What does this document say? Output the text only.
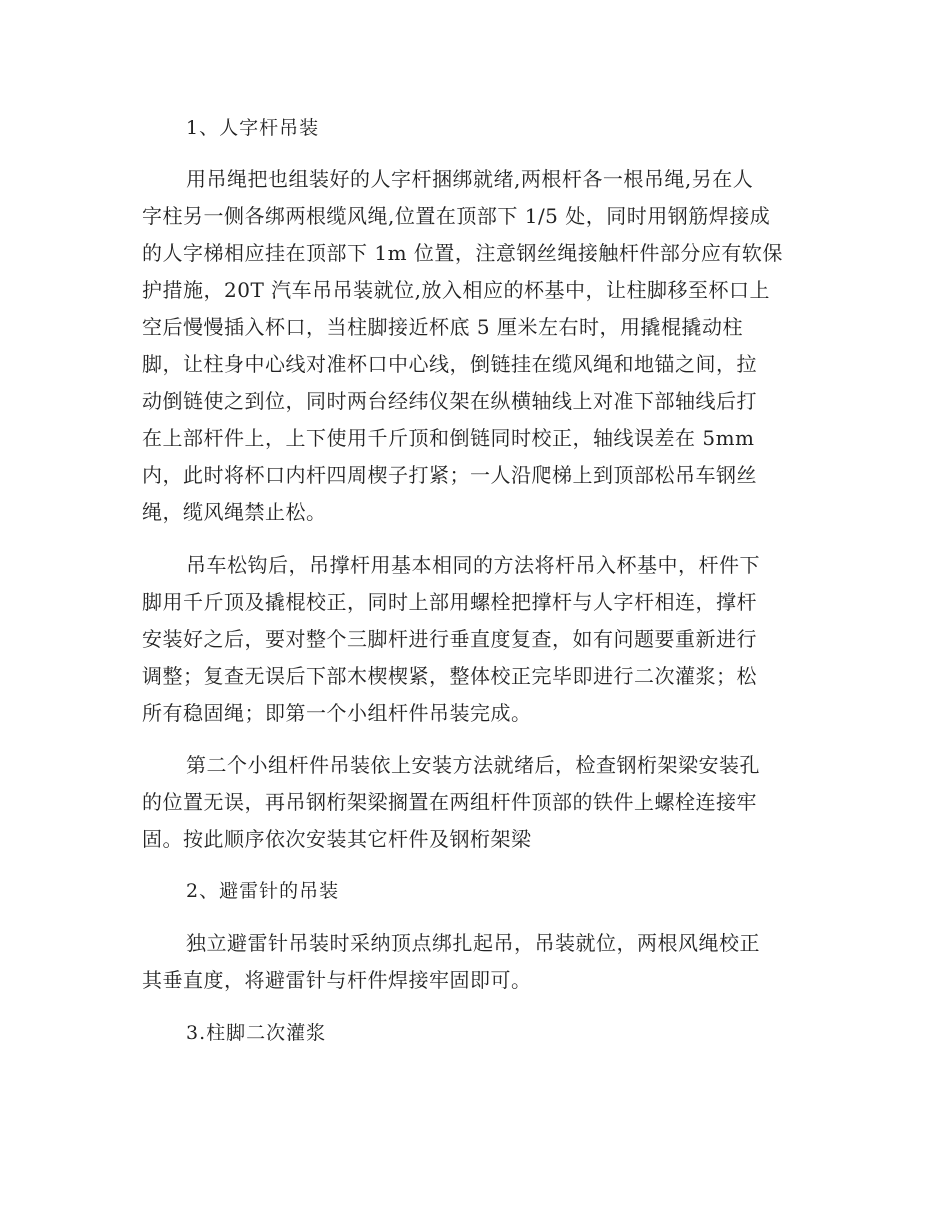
1、人字杆吊装
用吊绳把也组装好的人字杆捆绑就绪,两根杆各一根吊绳,另在人
字柱另一侧各绑两根缆风绳,位置在顶部下 1/5 处，同时用钢筋焊接成
的人字梯相应挂在顶部下 1m 位置，注意钢丝绳接触杆件部分应有软保
护措施，20T 汽车吊吊装就位,放入相应的杯基中，让柱脚移至杯口上
空后慢慢插入杯口，当柱脚接近杯底 5 厘米左右时，用撬棍撬动柱
脚，让柱身中心线对准杯口中心线，倒链挂在缆风绳和地锚之间，拉
动倒链使之到位，同时两台经纬仪架在纵横轴线上对准下部轴线后打
在上部杆件上，上下使用千斤顶和倒链同时校正，轴线误差在 5mm
内，此时将杯口内杆四周楔子打紧；一人沿爬梯上到顶部松吊车钢丝
绳，缆风绳禁止松。
吊车松钩后，吊撑杆用基本相同的方法将杆吊入杯基中，杆件下
脚用千斤顶及撬棍校正，同时上部用螺栓把撑杆与人字杆相连，撑杆
安装好之后，要对整个三脚杆进行垂直度复查，如有问题要重新进行
调整；复查无误后下部木楔楔紧，整体校正完毕即进行二次灌浆；松
所有稳固绳；即第一个小组杆件吊装完成。
第二个小组杆件吊装依上安装方法就绪后，检查钢桁架梁安装孔
的位置无误，再吊钢桁架梁搁置在两组杆件顶部的铁件上螺栓连接牢
固。按此顺序依次安装其它杆件及钢桁架梁
2、避雷针的吊装
独立避雷针吊装时采纳顶点绑扎起吊，吊装就位，两根风绳校正
其垂直度，将避雷针与杆件焊接牢固即可。
3.柱脚二次灌浆
